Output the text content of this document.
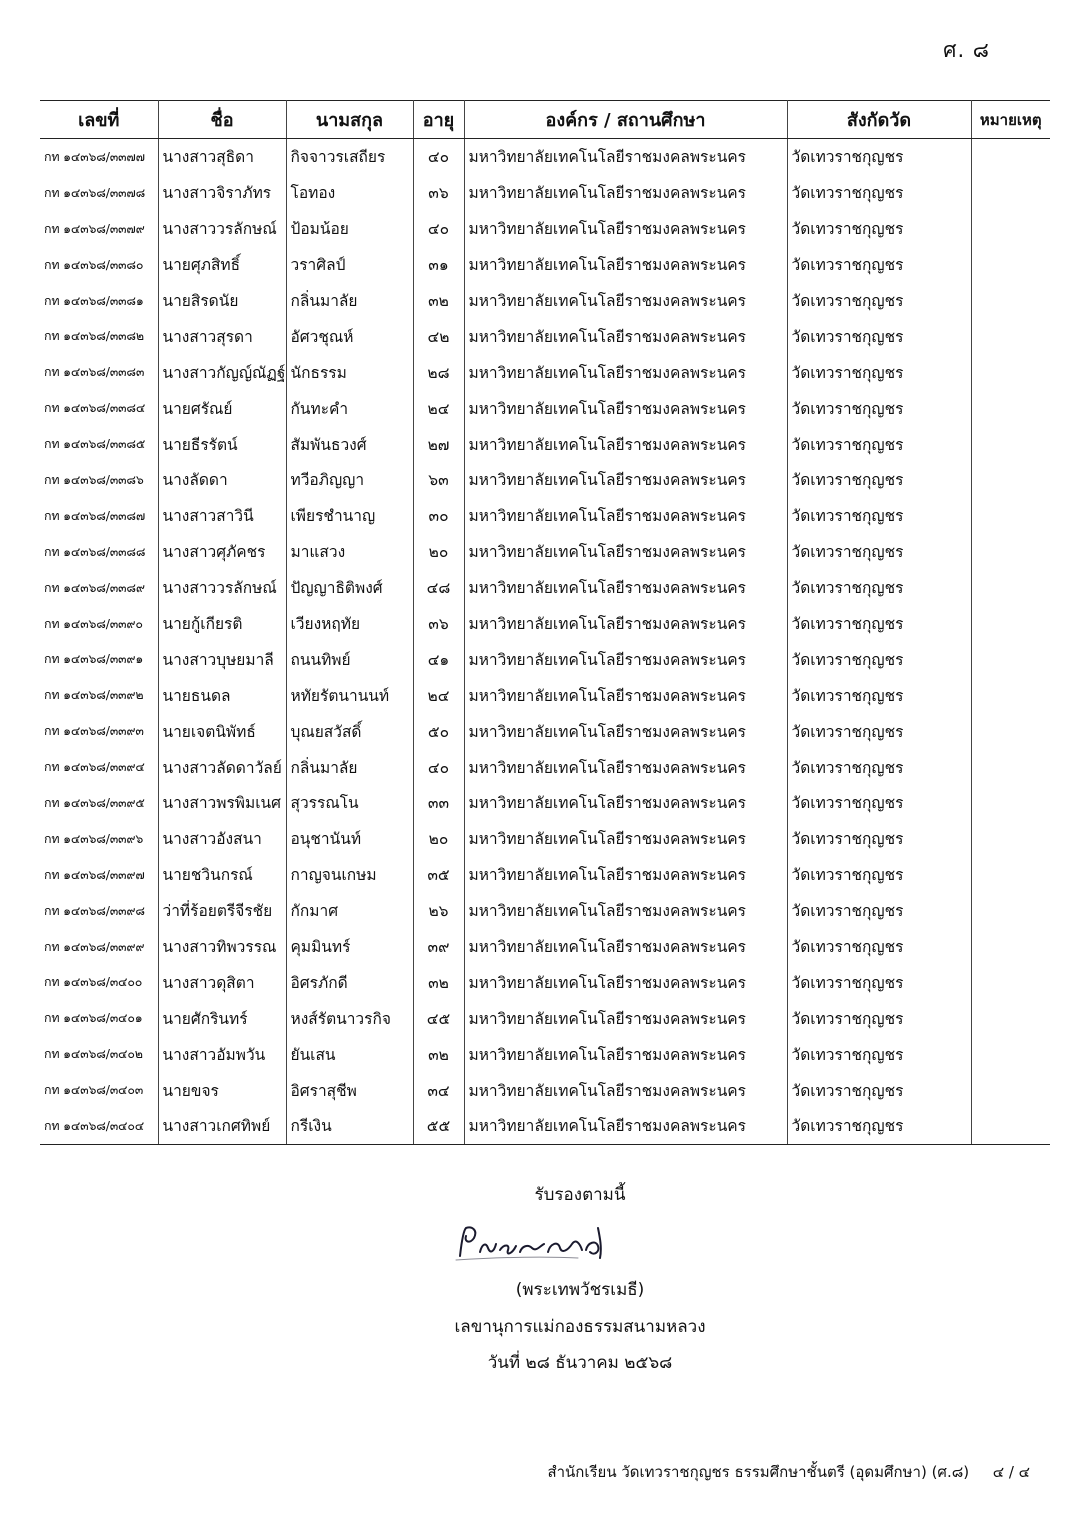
ศ. ๘
เลขที่	ชื่อ	นามสกุล	อายุ	องค์กร / สถานศึกษา	สังกัดวัด	หมายเหตุ
กท ๑๔๓๖๘/๓๓๗๗	นางสาวสุธิดา	กิจจาวรเสถียร	๔๐	มหาวิทยาลัยเทคโนโลยีราชมงคลพระนคร	วัดเทวราชกุญชร	
กท ๑๔๓๖๘/๓๓๗๘	นางสาวจิราภัทร	โอทอง	๓๖	มหาวิทยาลัยเทคโนโลยีราชมงคลพระนคร	วัดเทวราชกุญชร	
กท ๑๔๓๖๘/๓๓๗๙	นางสาววรลักษณ์	ป้อมน้อย	๔๐	มหาวิทยาลัยเทคโนโลยีราชมงคลพระนคร	วัดเทวราชกุญชร	
กท ๑๔๓๖๘/๓๓๘๐	นายศุภสิทธิ์	วราศิลป์	๓๑	มหาวิทยาลัยเทคโนโลยีราชมงคลพระนคร	วัดเทวราชกุญชร	
กท ๑๔๓๖๘/๓๓๘๑	นายสิรดนัย	กลิ่นมาลัย	๓๒	มหาวิทยาลัยเทคโนโลยีราชมงคลพระนคร	วัดเทวราชกุญชร	
กท ๑๔๓๖๘/๓๓๘๒	นางสาวสุรดา	อัศวชุณห์	๔๒	มหาวิทยาลัยเทคโนโลยีราชมงคลพระนคร	วัดเทวราชกุญชร	
กท ๑๔๓๖๘/๓๓๘๓	นางสาวกัญญ์ณัฏฐ์	นักธรรม	๒๘	มหาวิทยาลัยเทคโนโลยีราชมงคลพระนคร	วัดเทวราชกุญชร	
กท ๑๔๓๖๘/๓๓๘๔	นายศรัณย์	กันทะคำ	๒๔	มหาวิทยาลัยเทคโนโลยีราชมงคลพระนคร	วัดเทวราชกุญชร	
กท ๑๔๓๖๘/๓๓๘๕	นายธีรรัตน์	สัมพันธวงศ์	๒๗	มหาวิทยาลัยเทคโนโลยีราชมงคลพระนคร	วัดเทวราชกุญชร	
กท ๑๔๓๖๘/๓๓๘๖	นางลัดดา	ทวีอภิญญา	๖๓	มหาวิทยาลัยเทคโนโลยีราชมงคลพระนคร	วัดเทวราชกุญชร	
กท ๑๔๓๖๘/๓๓๘๗	นางสาวสาวินี	เพียรชำนาญ	๓๐	มหาวิทยาลัยเทคโนโลยีราชมงคลพระนคร	วัดเทวราชกุญชร	
กท ๑๔๓๖๘/๓๓๘๘	นางสาวศุภัคชร	มาแสวง	๒๐	มหาวิทยาลัยเทคโนโลยีราชมงคลพระนคร	วัดเทวราชกุญชร	
กท ๑๔๓๖๘/๓๓๘๙	นางสาววรลักษณ์	ปัญญาธิติพงศ์	๔๘	มหาวิทยาลัยเทคโนโลยีราชมงคลพระนคร	วัดเทวราชกุญชร	
กท ๑๔๓๖๘/๓๓๙๐	นายกู้เกียรติ	เวียงหฤทัย	๓๖	มหาวิทยาลัยเทคโนโลยีราชมงคลพระนคร	วัดเทวราชกุญชร	
กท ๑๔๓๖๘/๓๓๙๑	นางสาวบุษยมาลี	ถนนทิพย์	๔๑	มหาวิทยาลัยเทคโนโลยีราชมงคลพระนคร	วัดเทวราชกุญชร	
กท ๑๔๓๖๘/๓๓๙๒	นายธนดล	หทัยรัตนานนท์	๒๔	มหาวิทยาลัยเทคโนโลยีราชมงคลพระนคร	วัดเทวราชกุญชร	
กท ๑๔๓๖๘/๓๓๙๓	นายเจตนิพัทธ์	บุณยสวัสดิ์	๕๐	มหาวิทยาลัยเทคโนโลยีราชมงคลพระนคร	วัดเทวราชกุญชร	
กท ๑๔๓๖๘/๓๓๙๔	นางสาวลัดดาวัลย์	กลิ่นมาลัย	๔๐	มหาวิทยาลัยเทคโนโลยีราชมงคลพระนคร	วัดเทวราชกุญชร	
กท ๑๔๓๖๘/๓๓๙๕	นางสาวพรพิมเนศ	สุวรรณโน	๓๓	มหาวิทยาลัยเทคโนโลยีราชมงคลพระนคร	วัดเทวราชกุญชร	
กท ๑๔๓๖๘/๓๓๙๖	นางสาวอังสนา	อนุชานันท์	๒๐	มหาวิทยาลัยเทคโนโลยีราชมงคลพระนคร	วัดเทวราชกุญชร	
กท ๑๔๓๖๘/๓๓๙๗	นายชวินกรณ์	กาญจนเกษม	๓๕	มหาวิทยาลัยเทคโนโลยีราชมงคลพระนคร	วัดเทวราชกุญชร	
กท ๑๔๓๖๘/๓๓๙๘	ว่าที่ร้อยตรีจีรชัย	กักมาศ	๒๖	มหาวิทยาลัยเทคโนโลยีราชมงคลพระนคร	วัดเทวราชกุญชร	
กท ๑๔๓๖๘/๓๓๙๙	นางสาวทิพวรรณ	คุมมินทร์	๓๙	มหาวิทยาลัยเทคโนโลยีราชมงคลพระนคร	วัดเทวราชกุญชร	
กท ๑๔๓๖๘/๓๔๐๐	นางสาวดุสิตา	อิศรภักดี	๓๒	มหาวิทยาลัยเทคโนโลยีราชมงคลพระนคร	วัดเทวราชกุญชร	
กท ๑๔๓๖๘/๓๔๐๑	นายศักรินทร์	หงส์รัตนาวรกิจ	๔๕	มหาวิทยาลัยเทคโนโลยีราชมงคลพระนคร	วัดเทวราชกุญชร	
กท ๑๔๓๖๘/๓๔๐๒	นางสาวอัมพวัน	ยันเสน	๓๒	มหาวิทยาลัยเทคโนโลยีราชมงคลพระนคร	วัดเทวราชกุญชร	
กท ๑๔๓๖๘/๓๔๐๓	นายขจร	อิศราสุชีพ	๓๔	มหาวิทยาลัยเทคโนโลยีราชมงคลพระนคร	วัดเทวราชกุญชร	
กท ๑๔๓๖๘/๓๔๐๔	นางสาวเกศทิพย์	กรีเงิน	๕๕	มหาวิทยาลัยเทคโนโลยีราชมงคลพระนคร	วัดเทวราชกุญชร	
รับรองตามนี้
(พระเทพวัชรเมธี)
เลขานุการแม่กองธรรมสนามหลวง
วันที่ ๒๘ ธันวาคม ๒๕๖๘
สำนักเรียน วัดเทวราชกุญชร ธรรมศึกษาชั้นตรี (อุดมศึกษา) (ศ.๘) ๔ / ๔
